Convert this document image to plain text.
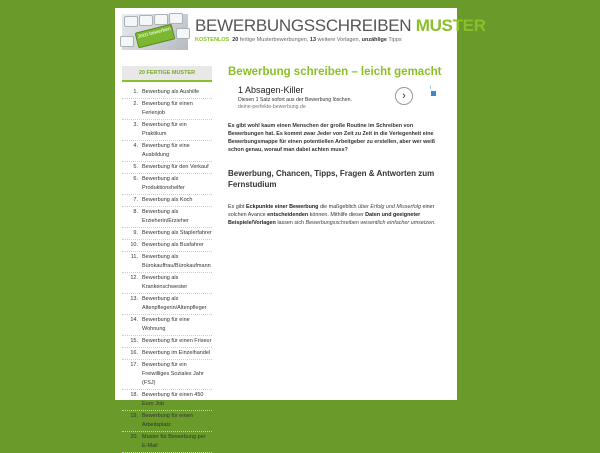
Jetzt bewerben BEWERBUNGSSCHREIBEN MUSTER
KOSTENLOS 20 fertige Musterbewerbungen, 13 weitere Vorlagen, unzählige Tipps
20 FERTIGE MUSTER
1. Bewerbung als Aushilfe
2. Bewerbung für einen Ferienjob
3. Bewerbung für ein Praktikum
4. Bewerbung für eine Ausbildung
5. Bewerbung für den Verkauf
6. Bewerbung als Produktionshelfer
7. Bewerbung als Koch
8. Bewerbung als Erzieherin/Erzieher
9. Bewerbung als Staplerfahrer
10. Bewerbung als Busfahrer
11. Bewerbung als Bürokauffrau/Bürokaufmann
12. Bewerbung als Krankenschwester
13. Bewerbung als Altenpflegerin/Altenpfleger
14. Bewerbung für eine Wohnung
15. Bewerbung für einen Friseur
16. Bewerbung im Einzelhandel
17. Bewerbung für ein Freiwilliges Soziales Jahr (FSJ)
18. Bewerbung für einen 450 Euro Job
19. Bewerbung für einen Arbeitsplatz
20. Muster für Bewerbung per E-Mail
Bewerbung schreiben – leicht gemacht
1 Absagen-Killer
Diesen 1 Satz sofort aus der Bewerbung löschen.
deine-perfekte-bewerbung.de
›
i

Es gibt wohl kaum einen Menschen der große Routine im Schreiben von Bewerbungen hat. Es kommt zwar Jeder von Zeit zu Zeit in die Verlegenheit eine Bewerbungsmappe für einen potentiellen Arbeitgeber zu erstellen, aber wer weiß schon genau, worauf man dabei achten muss?

Bewerbung, Chancen, Tipps, Fragen & Antworten zum Fernstudium

Es gibt Eckpunkte einer Bewerbung die maßgeblich über Erfolg und Misserfolg einer solchen Avance entscheidenden können. Mithilfe dieser Daten und geeigneter Beispiele/Vorlagen lassen sich Bewerbungsschreiben wesentlich einfacher umsetzen.
